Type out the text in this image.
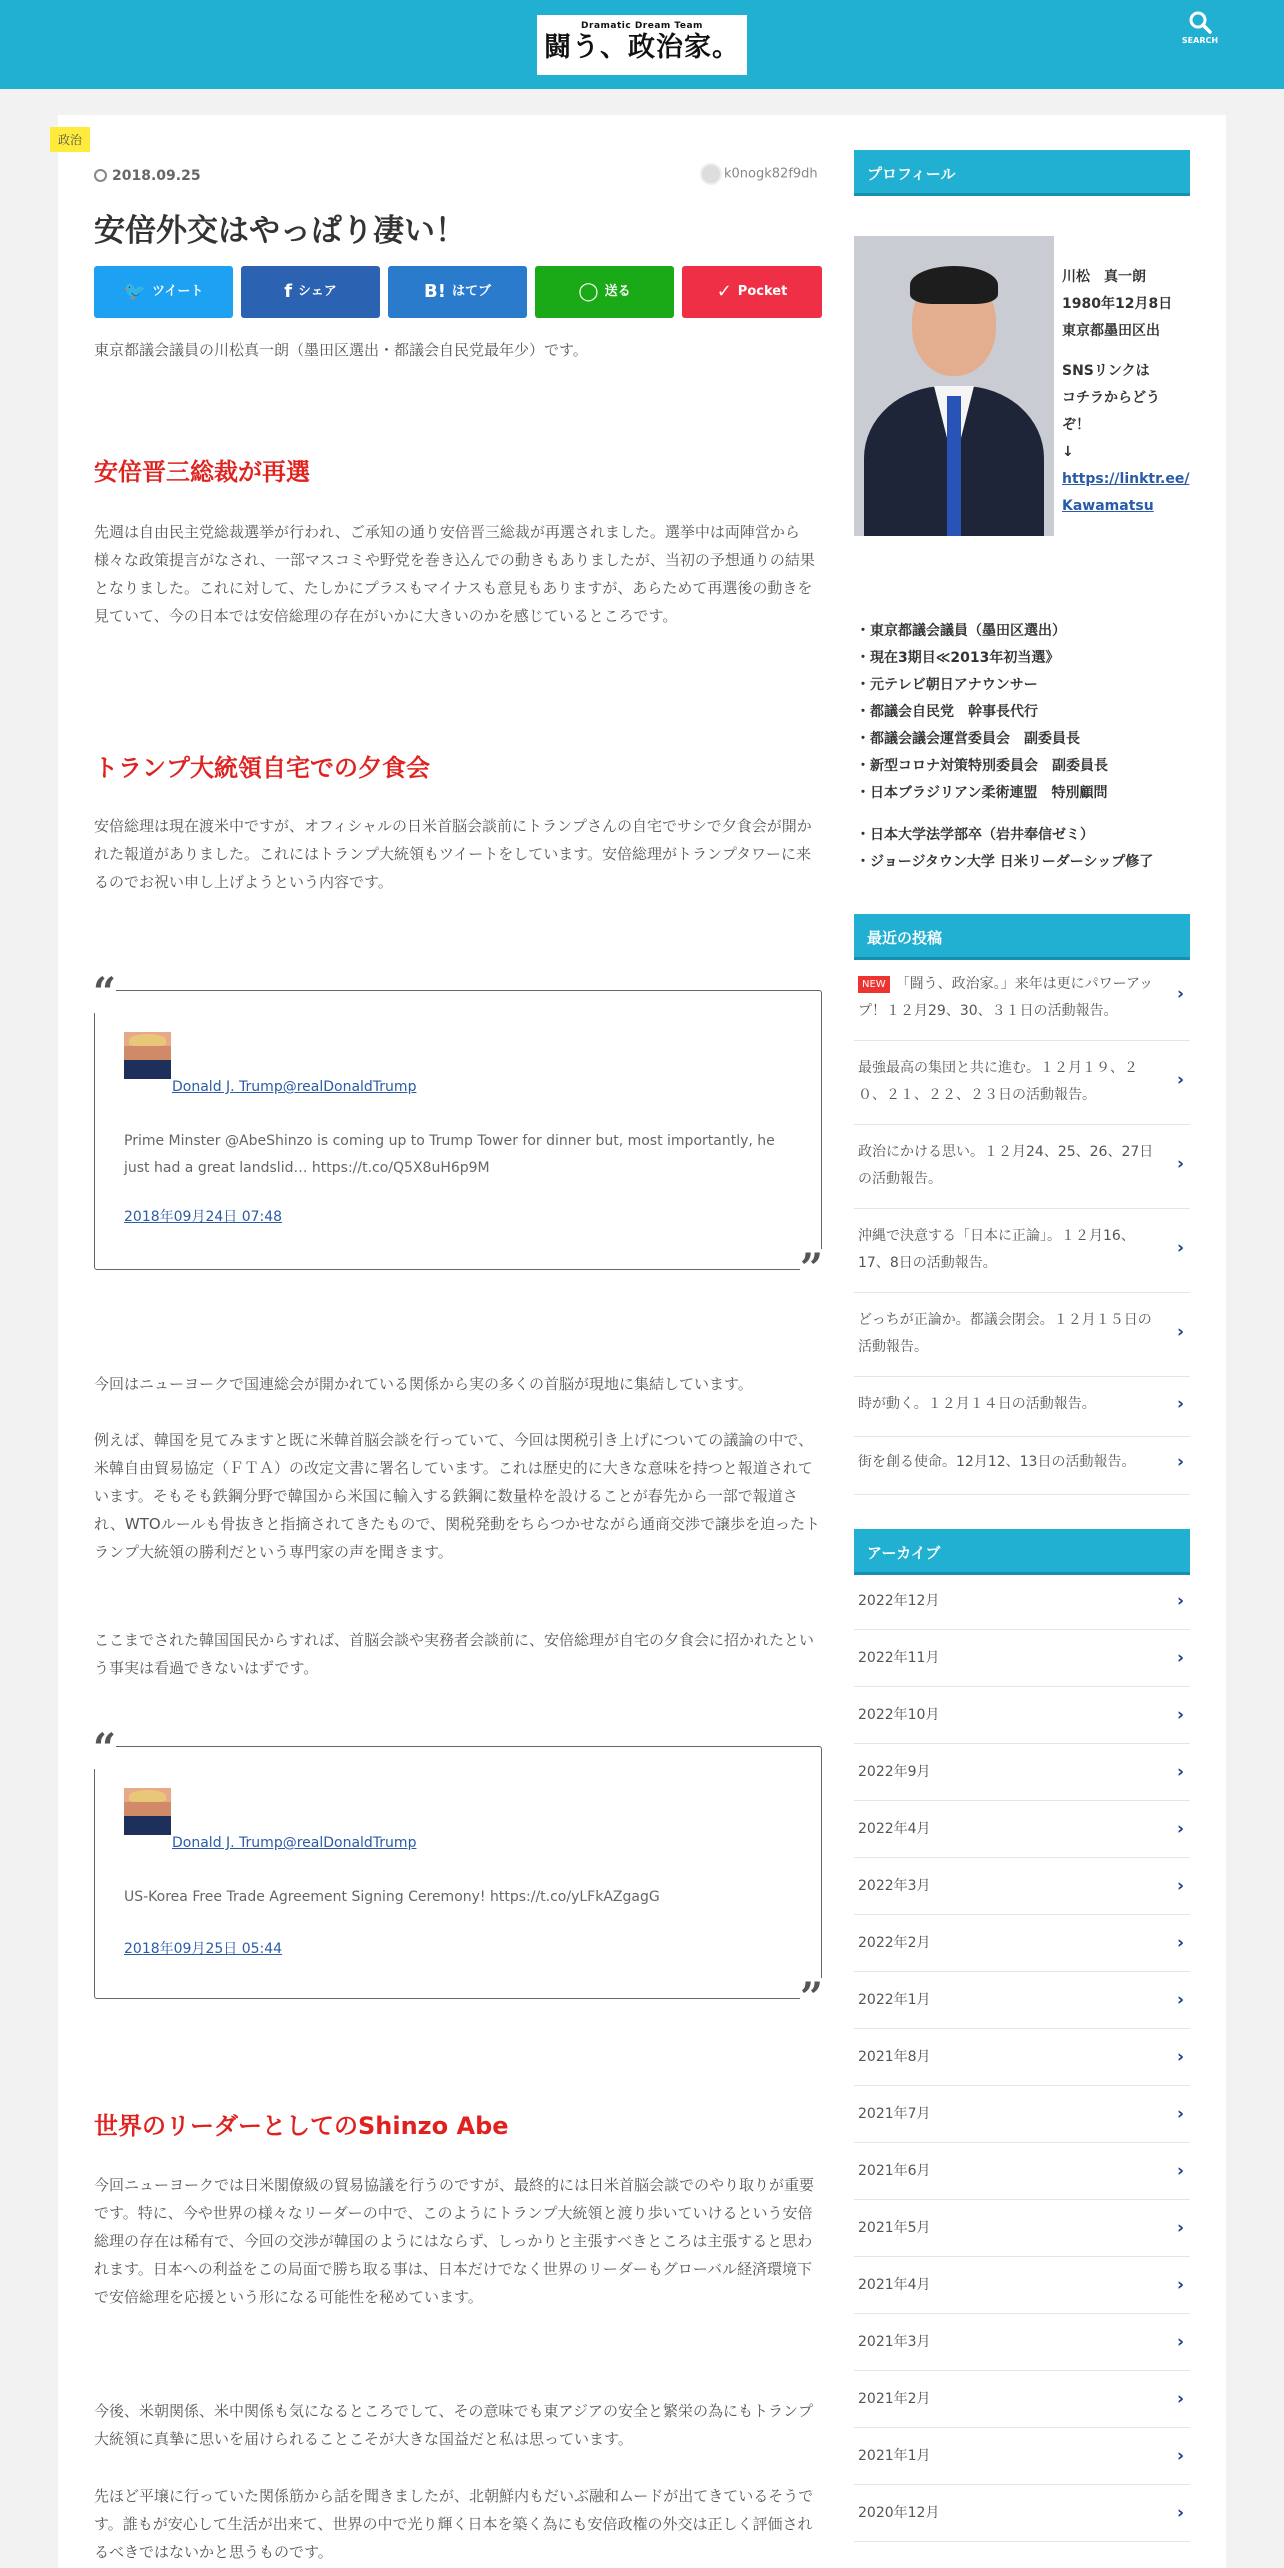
Dramatic Dream Team
闘う、政治家。	SEARCH
政治
2018.09.25	k0nogk82f9dh
安倍外交はやっぱり凄い！
🐦 ツイート	f シェア	B! はてブ	◯ 送る	✓ Pocket
東京都議会議員の川松真一朗（墨田区選出・都議会自民党最年少）です。
安倍晋三総裁が再選
先週は自由民主党総裁選挙が行われ、ご承知の通り安倍晋三総裁が再選されました。選挙中は両陣営から様々な政策提言がなされ、一部マスコミや野党を巻き込んでの動きもありましたが、当初の予想通りの結果となりました。これに対して、たしかにプラスもマイナスも意見もありますが、あらためて再選後の動きを見ていて、今の日本では安倍総理の存在がいかに大きいのかを感じているところです。
トランプ大統領自宅での夕食会
安倍総理は現在渡米中ですが、オフィシャルの日米首脳会談前にトランプさんの自宅でサシで夕食会が開かれた報道がありました。これにはトランプ大統領もツイートをしています。安倍総理がトランプタワーに来るのでお祝い申し上げようという内容です。
“
Donald J. Trump@realDonaldTrump
Prime Minster @AbeShinzo is coming up to Trump Tower for dinner but, most importantly, he just had a great landslid… https://t.co/Q5X8uH6p9M
2018年09月24日 07:48
”
今回はニューヨークで国連総会が開かれている関係から実の多くの首脳が現地に集結しています。
例えば、韓国を見てみますと既に米韓首脳会談を行っていて、今回は関税引き上げについての議論の中で、米韓自由貿易協定（ＦＴＡ）の改定文書に署名しています。これは歴史的に大きな意味を持つと報道されています。そもそも鉄鋼分野で韓国から米国に輸入する鉄鋼に数量枠を設けることが春先から一部で報道され、WTOルールも骨抜きと指摘されてきたもので、関税発動をちらつかせながら通商交渉で譲歩を迫ったトランプ大統領の勝利だという専門家の声を聞きます。
ここまでされた韓国国民からすれば、首脳会談や実務者会談前に、安倍総理が自宅の夕食会に招かれたという事実は看過できないはずです。
“
Donald J. Trump@realDonaldTrump
US-Korea Free Trade Agreement Signing Ceremony! https://t.co/yLFkAZgagG
2018年09月25日 05:44
”
世界のリーダーとしてのShinzo Abe
今回ニューヨークでは日米閣僚級の貿易協議を行うのですが、最終的には日米首脳会談でのやり取りが重要です。特に、今や世界の様々なリーダーの中で、このようにトランプ大統領と渡り歩いていけるという安倍総理の存在は稀有で、今回の交渉が韓国のようにはならず、しっかりと主張すべきところは主張すると思われます。日本への利益をこの局面で勝ち取る事は、日本だけでなく世界のリーダーもグローバル経済環境下で安倍総理を応援という形になる可能性を秘めています。
今後、米朝関係、米中関係も気になるところでして、その意味でも東アジアの安全と繁栄の為にもトランプ大統領に真摯に思いを届けられることこそが大きな国益だと私は思っています。
先ほど平壌に行っていた関係筋から話を聞きましたが、北朝鮮内もだいぶ融和ムードが出てきているそうです。誰もが安心して生活が出来て、世界の中で光り輝く日本を築く為にも安倍政権の外交は正しく評価されるべきではないかと思うものです。
プロフィール
川松　真一朗
1980年12月8日
東京都墨田区出
SNSリンクは
コチラからどう
ぞ！
↓
https://linktr.ee/Kawamatsu
・東京都議会議員（墨田区選出）
・現在3期目≪2013年初当選》
・元テレビ朝日アナウンサー
・都議会自民党　幹事長代行
・都議会議会運営委員会　副委員長
・新型コロナ対策特別委員会　副委員長
・日本ブラジリアン柔術連盟　特別顧問
・日本大学法学部卒（岩井奉信ゼミ）
・ジョージタウン大学 日米リーダーシップ修了
最近の投稿
NEW 「闘う、政治家。」来年は更にパワーアップ！１２月29、30、３１日の活動報告。
›
最強最高の集団と共に進む。１２月１９、２０、２１、２２、２３日の活動報告。
›
政治にかける思い。１２月24、25、26、27日の活動報告。
›
沖縄で決意する「日本に正論」。１２月16、17、8日の活動報告。
›
どっちが正論か。都議会閉会。１２月１５日の活動報告。
›
時が動く。１２月１４日の活動報告。	›
街を創る使命。12月12、13日の活動報告。 ›
アーカイブ
2022年12月	›
2022年11月	›
2022年10月	›
2022年9月	›
2022年4月	›
2022年3月	›
2022年2月	›
2022年1月	›
2021年8月	›
2021年7月	›
2021年6月	›
2021年5月	›
2021年4月	›
2021年3月	›
2021年2月	›
2021年1月	›
2020年12月	›
